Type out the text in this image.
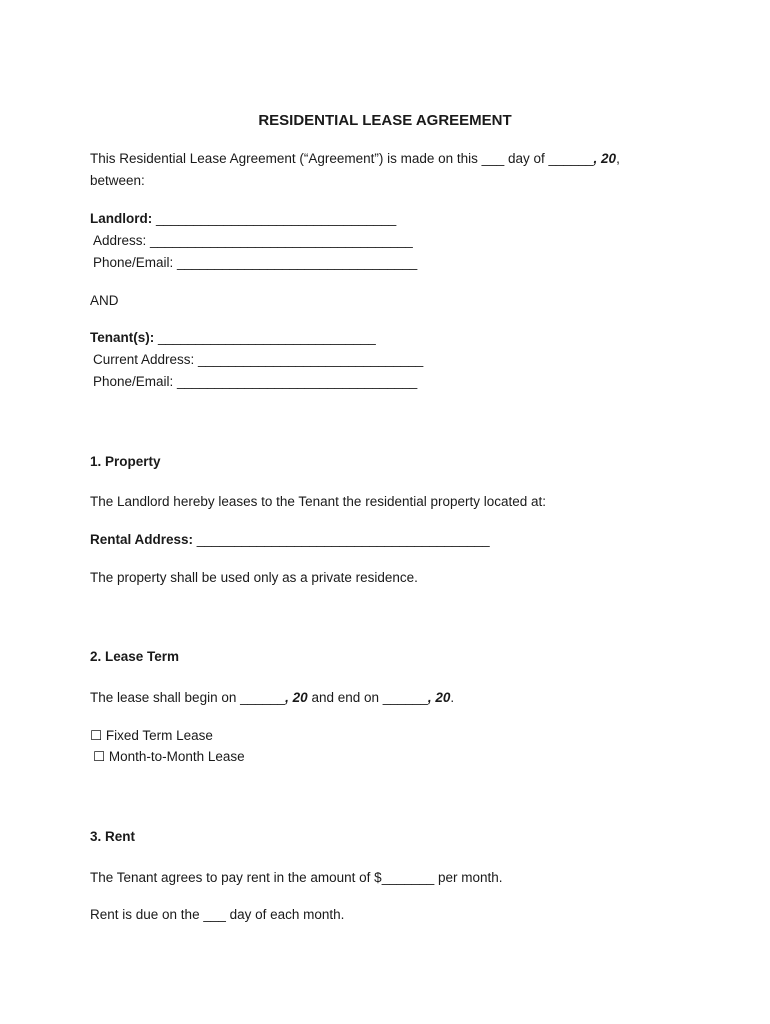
RESIDENTIAL LEASE AGREEMENT
This Residential Lease Agreement (“Agreement”) is made on this ___ day of ______, 20,
between:
Landlord: ________________________________
Address: ___________________________________
Phone/Email: ________________________________
AND
Tenant(s): _____________________________
Current Address: ______________________________
Phone/Email: ________________________________
1. Property
The Landlord hereby leases to the Tenant the residential property located at:
Rental Address: _______________________________________
The property shall be used only as a private residence.
2. Lease Term
The lease shall begin on ______, 20 and end on ______, 20.
☐ Fixed Term Lease
☐ Month-to-Month Lease
3. Rent
The Tenant agrees to pay rent in the amount of $_______ per month.
Rent is due on the ___ day of each month.
